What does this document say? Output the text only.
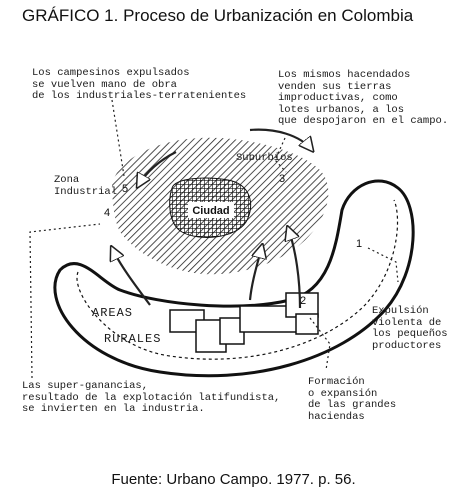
GRÁFICO 1. Proceso de Urbanización en Colombia
Ciudad
1
2
3
4
5
Los campesinos expulsados
se vuelven mano de obra
de los industriales-terratenientes
Los mismos hacendados
venden sus tierras
improductivas, como
lotes urbanos, a los
que despojaron en el campo.
Zona
Industrial
Suburbios
AREAS
RURALES
Las super-ganancias,
resultado de la explotación latifundista,
se invierten en la industria.
Formación
o expansión
de las grandes
haciendas
Expulsión
violenta de
los pequeños
productores
Fuente: Urbano Campo. 1977. p. 56.
